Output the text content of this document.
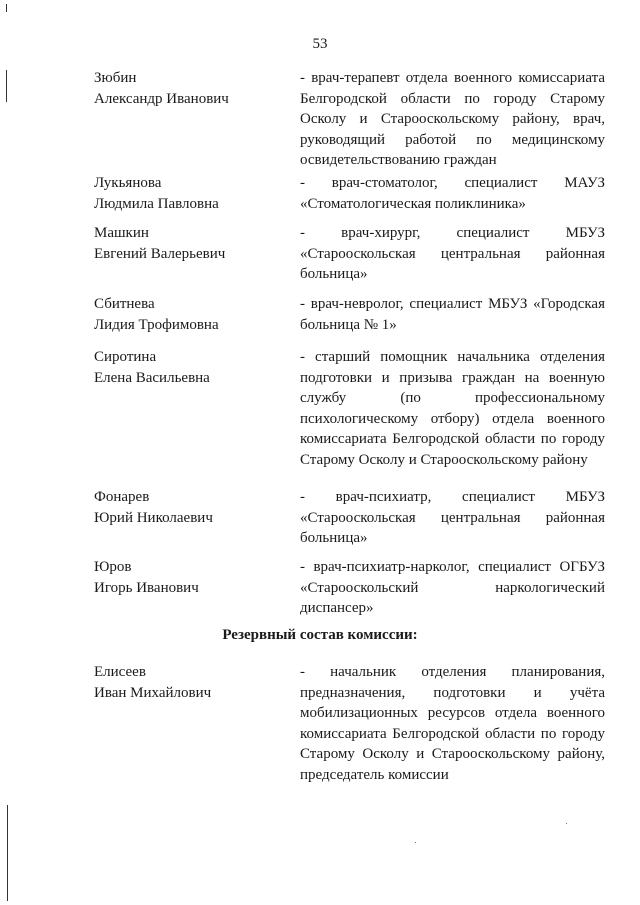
53
Зюбин
Александр Иванович
- врач-терапевт отдела военного комиссариата Белгородской области по городу Старому Осколу и Старооскольскому району, врач, руководящий работой по медицинскому освидетельствованию граждан
Лукьянова
Людмила Павловна
- врач-стоматолог, специалист МАУЗ «Стоматологическая поликлиника»
Машкин
Евгений Валерьевич
- врач-хирург, специалист МБУЗ «Старооскольская центральная районная больница»
Сбитнева
Лидия Трофимовна
- врач-невролог, специалист МБУЗ «Городская больница № 1»
Сиротина
Елена Васильевна
- старший помощник начальника отделения подготовки и призыва граждан на военную службу (по профессиональному психологическому отбору) отдела военного комиссариата Белгородской области по городу Старому Осколу и Старооскольскому району
Фонарев
Юрий Николаевич
- врач-психиатр, специалист МБУЗ «Старооскольская центральная районная больница»
Юров
Игорь Иванович
- врач-психиатр-нарколог, специалист ОГБУЗ «Старооскольский наркологический диспансер»
Резервный состав комиссии:
Елисеев
Иван Михайлович
- начальник отделения планирования, предназначения, подготовки и учёта мобилизационных ресурсов отдела военного комиссариата Белгородской области по городу Старому Осколу и Старооскольскому району, председатель комиссии
